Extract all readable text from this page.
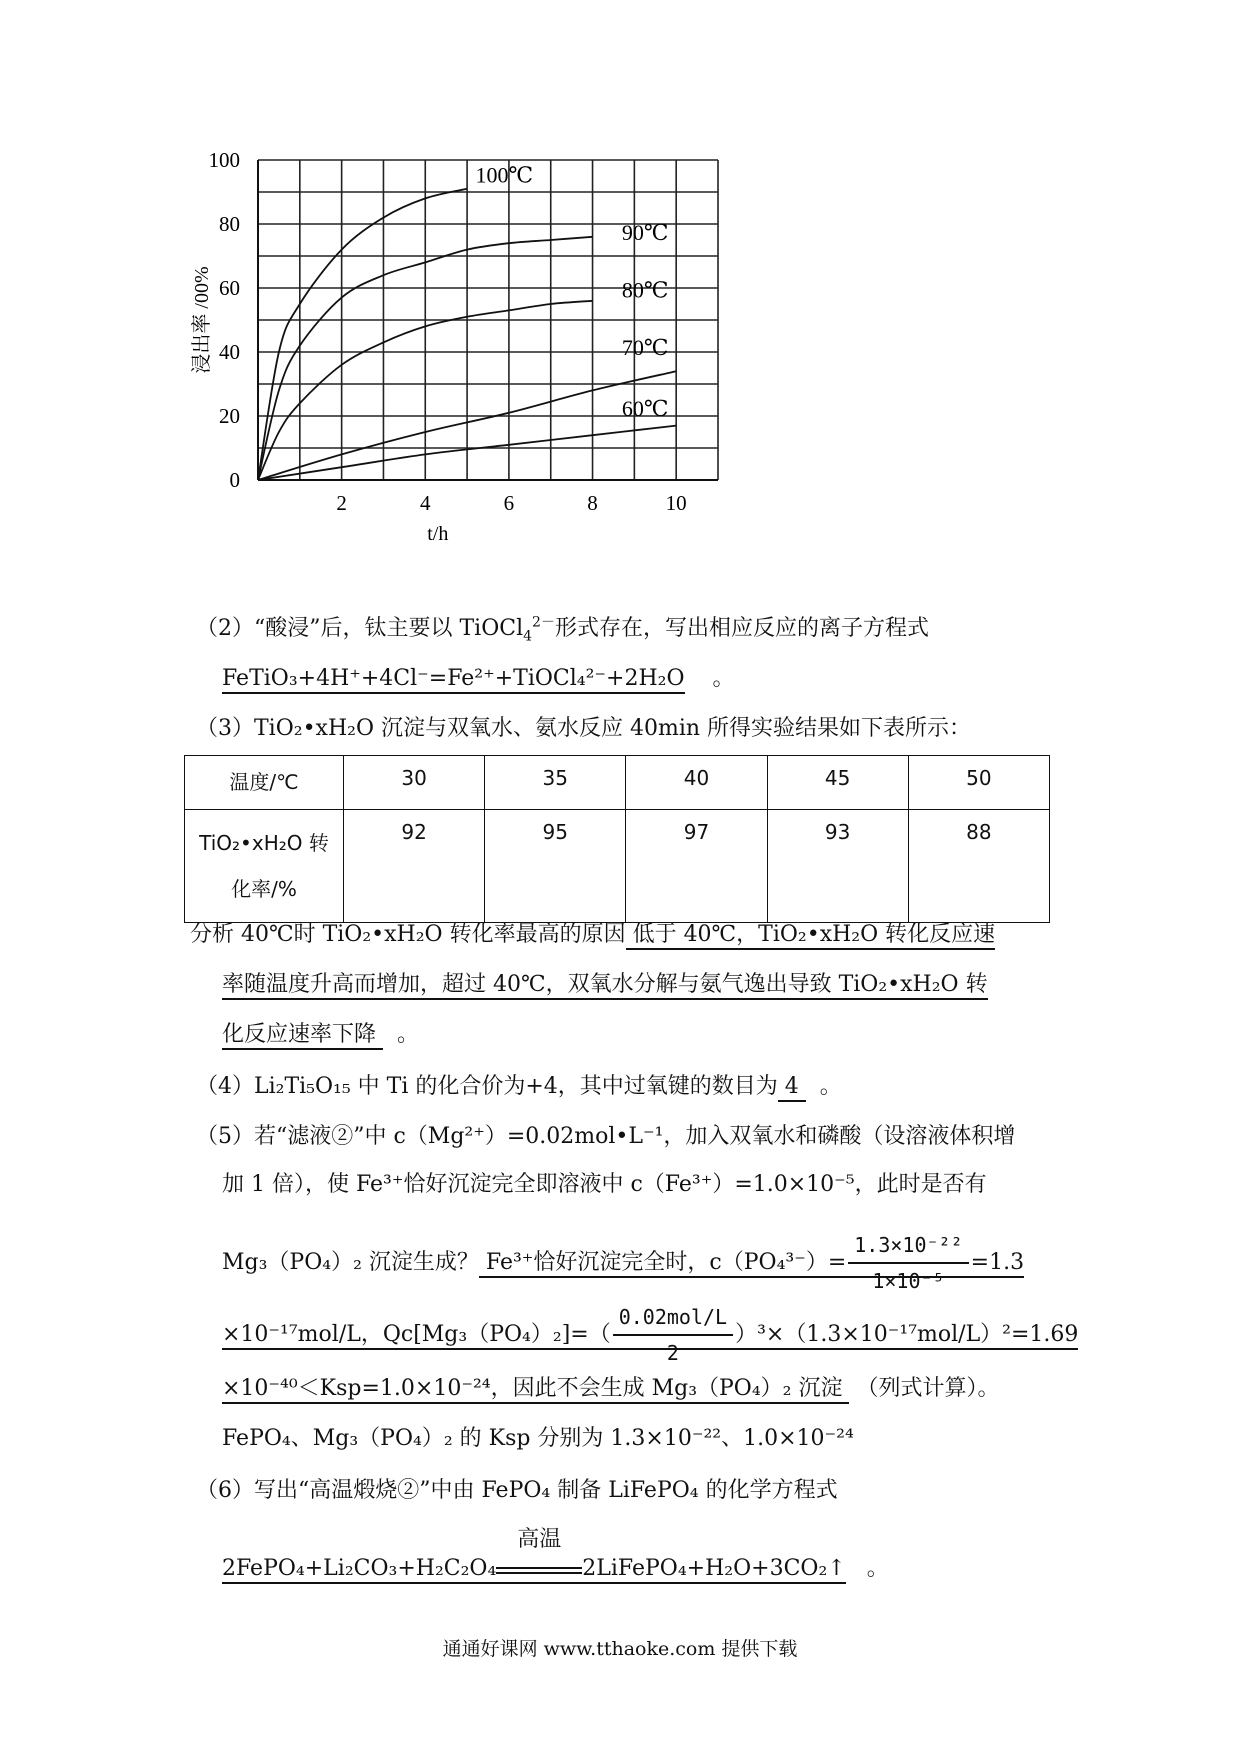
0
20
40
60
80
100
2	4	6	8	10
t/h
浸出率 /00%
100℃
90℃
80℃
70℃
60℃
（2）“酸浸”后，钛主要以 TiOCl$_4^{2-}$形式存在，写出相应反应的离子方程式
FeTiO₃+4H⁺+4Cl⁻=Fe²⁺+TiOCl₄²⁻+2H₂O 。
（3）TiO₂•xH₂O 沉淀与双氧水、氨水反应 40min 所得实验结果如下表所示：
温度/℃	30	35	40	45	50

TiO₂•xH₂O 转
化率/%	92	95	97	93	88
分析 40℃时 TiO₂•xH₂O 转化率最高的原因 低于 40℃，TiO₂•xH₂O 转化反应速
率随温度升高而增加，超过 40℃，双氧水分解与氨气逸出导致 TiO₂•xH₂O 转
化反应速率下降   。
（4）Li₂Ti₅O₁₅ 中 Ti 的化合价为+4，其中过氧键的数目为 4   。
（5）若“滤液②”中 c（Mg²⁺）=0.02mol•L⁻¹，加入双氧水和磷酸（设溶液体积增
加 1 倍），使 Fe³⁺恰好沉淀完全即溶液中 c（Fe³⁺）=1.0×10⁻⁵，此时是否有
Mg₃（PO₄）₂ 沉淀生成？ Fe³⁺恰好沉淀完全时，$c(PO_4^{3-})= \frac{\text{1.3×10⁻²²}}{\text{1×10⁻⁵}} =1.3$
×10⁻¹⁷mol/L，$Qc[Mg_3(PO_4)_2]=( \frac{\text{0.02mol/L}}{2} )^3\times(1.3\times 10^{-17}mol/L)^2=1.69$
×10⁻⁴⁰＜Ksp=1.0×10⁻²⁴，因此不会生成 Mg₃（PO₄）₂ 沉淀  （列式计算）。
FePO₄、Mg₃（PO₄）₂ 的 Ksp 分别为 1.3×10⁻²²、1.0×10⁻²⁴
（6）写出“高温煅烧②”中由 FePO₄ 制备 LiFePO₄ 的化学方程式
2FePO₄+Li₂CO₃+H₂C₂O₄
高温
2LiFePO₄+H₂O+3CO₂↑ 。
通通好课网 www.tthaoke.com 提供下载
